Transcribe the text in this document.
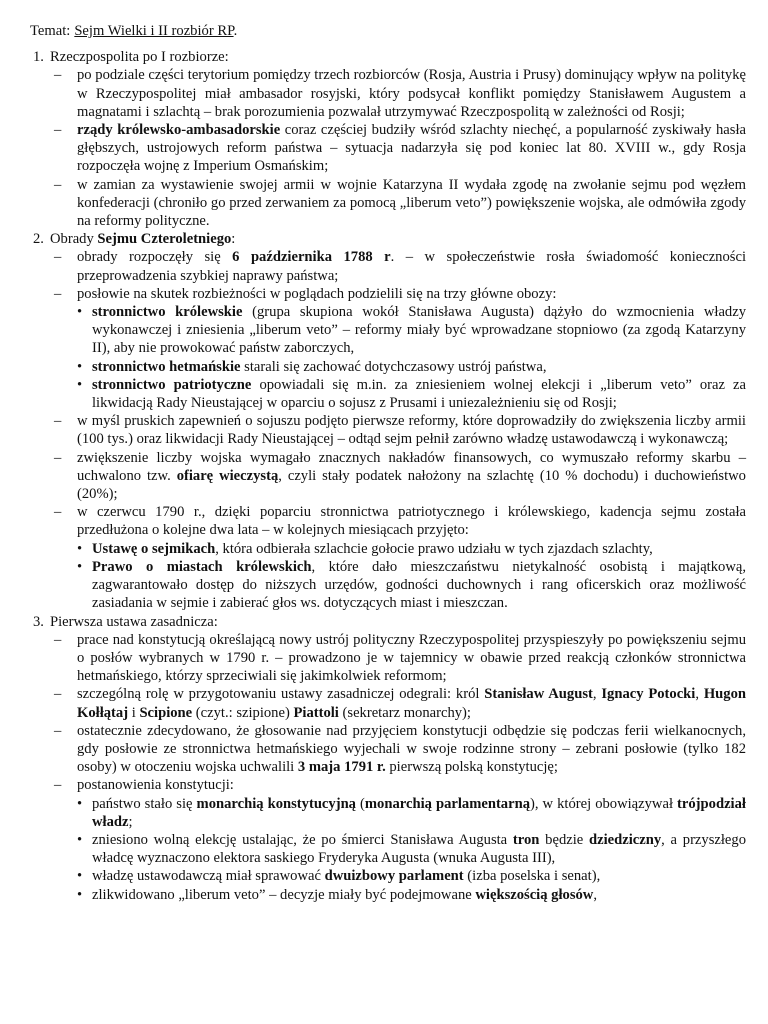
Temat: Sejm Wielki i II rozbiór RP.
1. Rzeczpospolita po I rozbiorze:
– po podziale części terytorium pomiędzy trzech rozbiorców (Rosja, Austria i Prusy) dominujący wpływ na politykę w Rzeczypospolitej miał ambasador rosyjski, który podsycał konflikt pomiędzy Stanisławem Augustem a magnatami i szlachtą – brak porozumienia pozwalał utrzymywać Rzeczpospolitą w zależności od Rosji;
– rządy królewsko-ambasadorskie coraz częściej budziły wśród szlachty niechęć, a popularność zyskiwały hasła głębszych, ustrojowych reform państwa – sytuacja nadarzyła się pod koniec lat 80. XVIII w., gdy Rosja rozpoczęła wojnę z Imperium Osmańskim;
– w zamian za wystawienie swojej armii w wojnie Katarzyna II wydała zgodę na zwołanie sejmu pod węzłem konfederacji (chroniło go przed zerwaniem za pomocą „liberum veto”) powiększenie wojska, ale odmówiła zgody na reformy polityczne.
2. Obrady Sejmu Czteroletniego:
– obrady rozpoczęły się 6 października 1788 r. – w społeczeństwie rosła świadomość konieczności przeprowadzenia szybkiej naprawy państwa;
– posłowie na skutek rozbieżności w poglądach podzielili się na trzy główne obozy:
• stronnictwo królewskie (grupa skupiona wokół Stanisława Augusta) dążyło do wzmocnienia władzy wykonawczej i zniesienia „liberum veto” – reformy miały być wprowadzane stopniowo (za zgodą Katarzyny II), aby nie prowokować państw zaborczych,
• stronnictwo hetmańskie starali się zachować dotychczasowy ustrój państwa,
• stronnictwo patriotyczne opowiadali się m.in. za zniesieniem wolnej elekcji i „liberum veto” oraz za likwidacją Rady Nieustającej w oparciu o sojusz z Prusami i uniezależnieniu się od Rosji;
– w myśl pruskich zapewnień o sojuszu podjęto pierwsze reformy, które doprowadziły do zwiększenia liczby armii (100 tys.) oraz likwidacji Rady Nieustającej – odtąd sejm pełnił zarówno władzę ustawodawczą i wykonawczą;
– zwiększenie liczby wojska wymagało znacznych nakładów finansowych, co wymuszało reformy skarbu – uchwalono tzw. ofiarę wieczystą, czyli stały podatek nałożony na szlachtę (10 % dochodu) i duchowieństwo (20%);
– w czerwcu 1790 r., dzięki poparciu stronnictwa patriotycznego i królewskiego, kadencja sejmu została przedłużona o kolejne dwa lata – w kolejnych miesiącach przyjęto:
• Ustawę o sejmikach, która odbierała szlachcie gołocie prawo udziału w tych zjazdach szlachty,
• Prawo o miastach królewskich, które dało mieszczaństwu nietykalność osobistą i majątkową, zagwarantowało dostęp do niższych urzędów, godności duchownych i rang oficerskich oraz możliwość zasiadania w sejmie i zabierać głos ws. dotyczących miast i mieszczan.
3. Pierwsza ustawa zasadnicza:
– prace nad konstytucją określającą nowy ustrój polityczny Rzeczypospolitej przyspieszyły po powiększeniu sejmu o posłów wybranych w 1790 r. – prowadzono je w tajemnicy w obawie przed reakcją członków stronnictwa hetmańskiego, którzy sprzeciwiali się jakimkolwiek reformom;
– szczególną rolę w przygotowaniu ustawy zasadniczej odegrali: król Stanisław August, Ignacy Potocki, Hugon Kołłątaj i Scipione (czyt.: szipione) Piattoli (sekretarz monarchy);
– ostatecznie zdecydowano, że głosowanie nad przyjęciem konstytucji odbędzie się podczas ferii wielkanocnych, gdy posłowie ze stronnictwa hetmańskiego wyjechali w swoje rodzinne strony – zebrani posłowie (tylko 182 osoby) w otoczeniu wojska uchwalili 3 maja 1791 r. pierwszą polską konstytucję;
– postanowienia konstytucji:
• państwo stało się monarchią konstytucyjną (monarchią parlamentarną), w której obowiązywał trójpodział władz;
• zniesiono wolną elekcję ustalając, że po śmierci Stanisława Augusta tron będzie dziedziczny, a przyszłego władcę wyznaczono elektora saskiego Fryderyka Augusta (wnuka Augusta III),
• władzę ustawodawczą miał sprawować dwuizbowy parlament (izba poselska i senat),
• zlikwidowano „liberum veto” – decyzje miały być podejmowane większością głosów,
